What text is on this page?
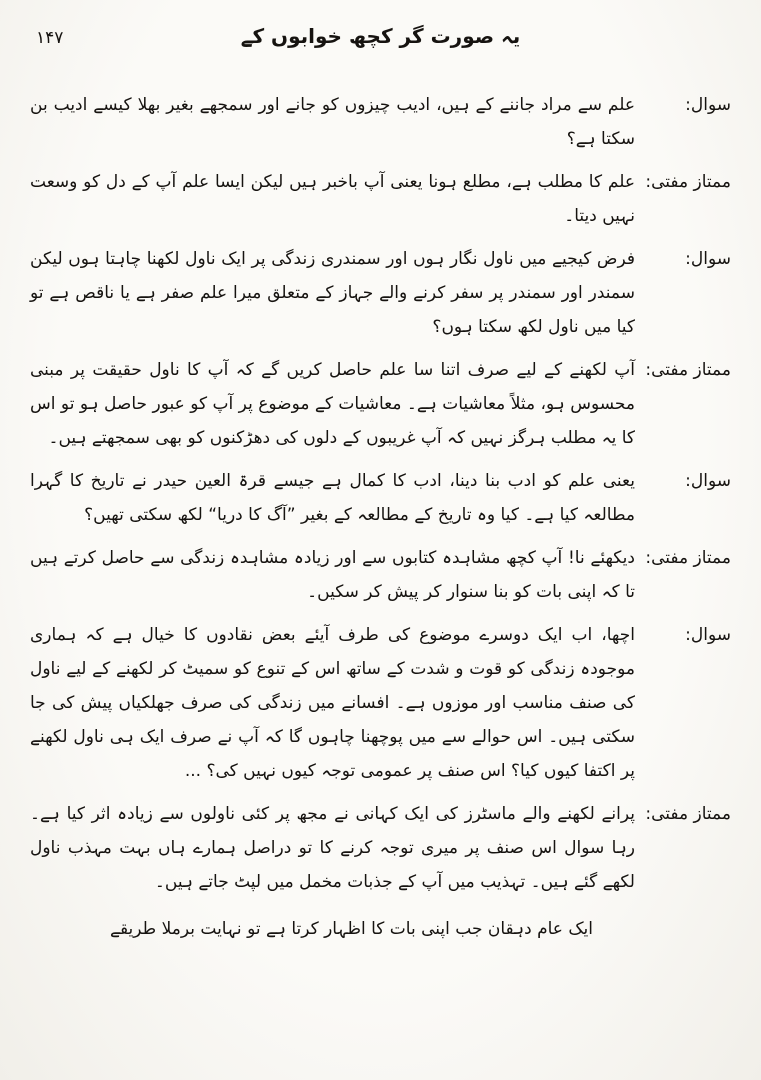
۱۴۷	یہ صورت گر کچھ خوابوں کے
سوال:

علم سے مراد جاننے کے ہیں، ادیب چیزوں کو جانے اور سمجھے بغیر بھلا کیسے ادیب بن سکتا ہے؟

ممتاز مفتی:

علم کا مطلب ہے، مطلع ہونا یعنی آپ باخبر ہیں لیکن ایسا علم آپ کے دل کو وسعت نہیں دیتا۔

سوال:

فرض کیجیے میں ناول نگار ہوں اور سمندری زندگی پر ایک ناول لکھنا چاہتا ہوں لیکن سمندر اور سمندر پر سفر کرنے والے جہاز کے متعلق میرا علم صفر ہے یا ناقص ہے تو کیا میں ناول لکھ سکتا ہوں؟

ممتاز مفتی:

آپ لکھنے کے لیے صرف اتنا سا علم حاصل کریں گے کہ آپ کا ناول حقیقت پر مبنی محسوس ہو، مثلاً معاشیات ہے۔ معاشیات کے موضوع پر آپ کو عبور حاصل ہو تو اس کا یہ مطلب ہرگز نہیں کہ آپ غریبوں کے دلوں کی دھڑکنوں کو بھی سمجھتے ہیں۔

سوال:

یعنی علم کو ادب بنا دینا، ادب کا کمال ہے جیسے قرۃ العین حیدر نے تاریخ کا گہرا مطالعہ کیا ہے۔ کیا وہ تاریخ کے مطالعہ کے بغیر ”آگ کا دریا“ لکھ سکتی تھیں؟

ممتاز مفتی:

دیکھئے نا! آپ کچھ مشاہدہ کتابوں سے اور زیادہ مشاہدہ زندگی سے حاصل کرتے ہیں تا کہ اپنی بات کو بنا سنوار کر پیش کر سکیں۔

سوال:

اچھا، اب ایک دوسرے موضوع کی طرف آیئے بعض نقادوں کا خیال ہے کہ ہماری موجودہ زندگی کو قوت و شدت کے ساتھ اس کے تنوع کو سمیٹ کر لکھنے کے لیے ناول کی صنف مناسب اور موزوں ہے۔ افسانے میں زندگی کی صرف جھلکیاں پیش کی جا سکتی ہیں۔ اس حوالے سے میں پوچھنا چاہوں گا کہ آپ نے صرف ایک ہی ناول لکھنے پر اکتفا کیوں کیا؟ اس صنف پر عمومی توجہ کیوں نہیں کی؟ ...

ممتاز مفتی:

پرانے لکھنے والے ماسٹرز کی ایک کہانی نے مجھ پر کئی ناولوں سے زیادہ اثر کیا ہے۔ رہا سوال اس صنف پر میری توجہ کرنے کا تو دراصل ہمارے ہاں بہت مہذب ناول لکھے گئے ہیں۔ تہذیب میں آپ کے جذبات مخمل میں لپٹ جاتے ہیں۔

ایک عام دہقان جب اپنی بات کا اظہار کرتا ہے تو نہایت برملا طریقے
